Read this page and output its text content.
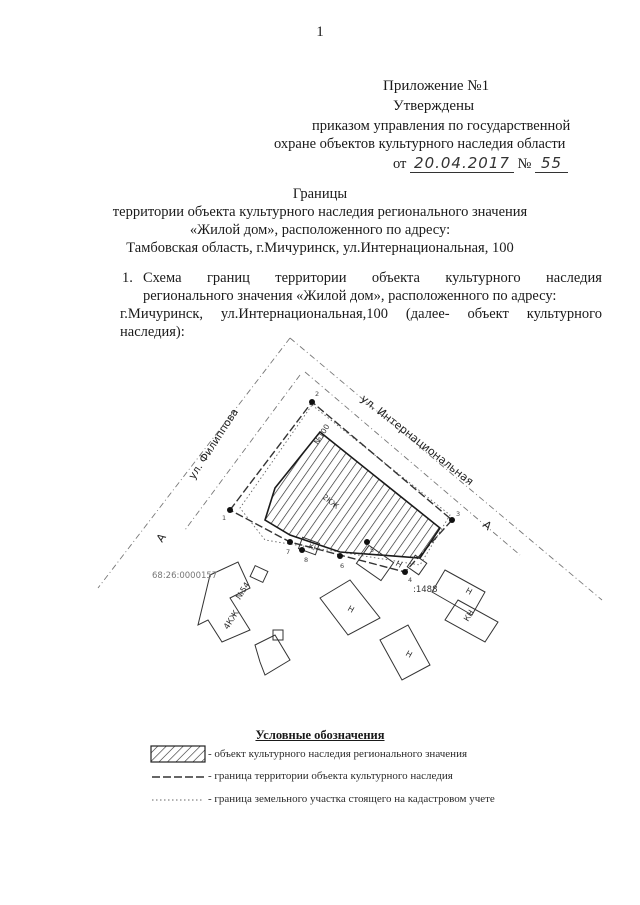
1
Приложение №1
Утверждены
приказом управления по государственной
охране объектов культурного наследия области
от 20.04.2017 № 55
Границы
территории объекта культурного наследия регионального значения
«Жилой дом», расположенного по адресу:
Тамбовская область, г.Мичуринск, ул.Интернациональная, 100
1. Схема границ территории объекта культурного наследия
регионального значения «Жилой дом», расположенного по адресу:
г.Мичуринск, ул.Интернациональная,100 (далее- объект культурного
наследия):
ул. Интернациональная
ул. Филиппова
А
А
68:26:0000157
:1488
КН
Н
Н
Н
Н
4КЖ
№54
№100
2КЖ
КН
1
2
3
4
5
6
7
8
Условные обозначения
- объект культурного наследия регионального значения
- граница территории объекта культурного наследия
- граница земельного участка стоящего на кадастровом учете
